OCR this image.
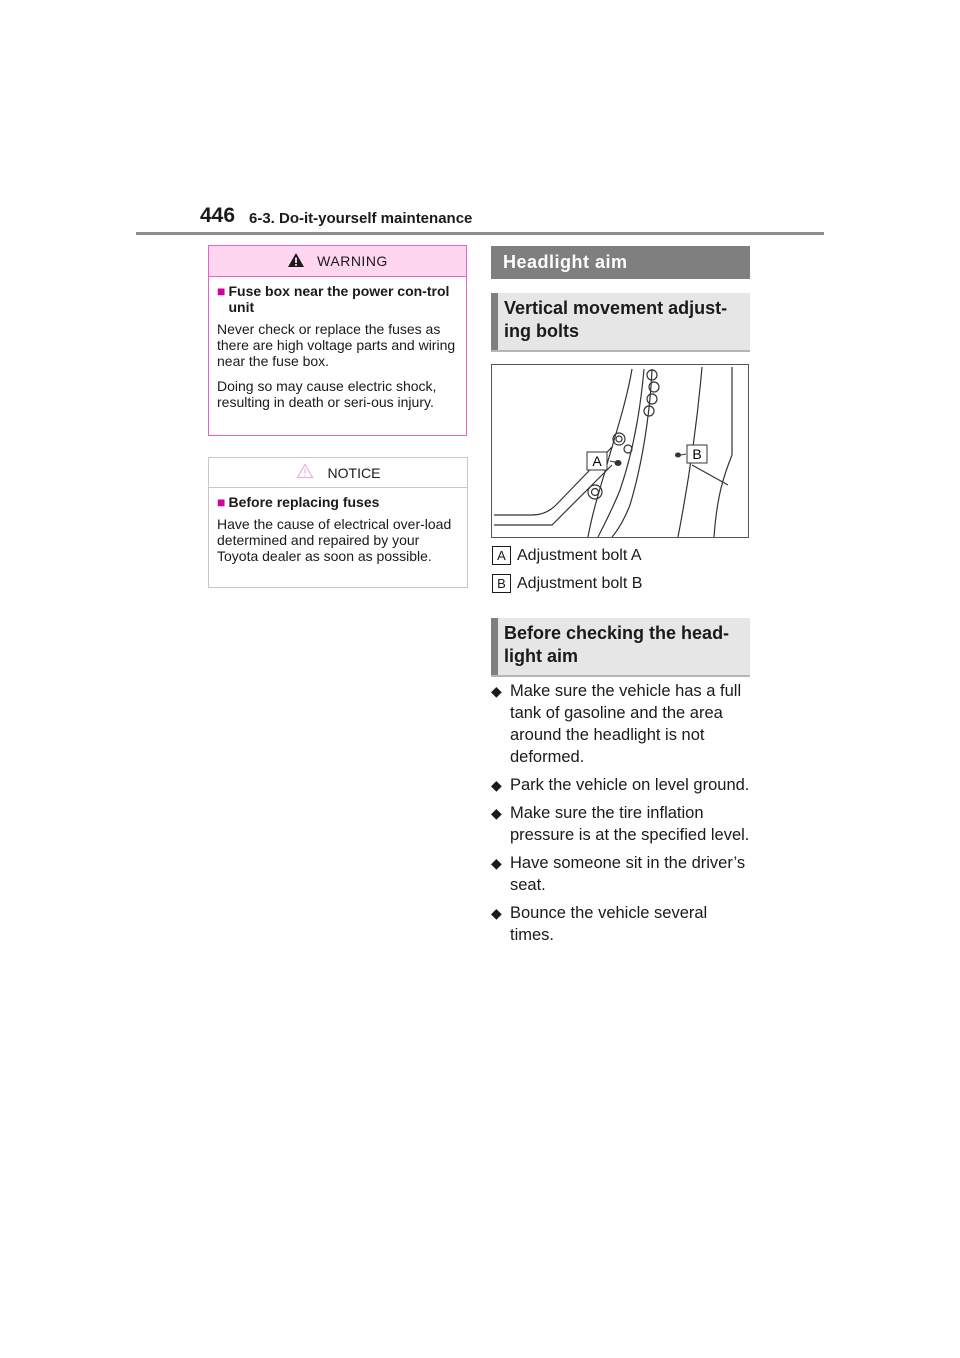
446 6-3. Do-it-yourself maintenance
WARNING

■ Fuse box near the power con-trol unit

Never check or replace the fuses as there are high voltage parts and wiring near the fuse box.

Doing so may cause electric shock, resulting in death or seri-ous injury.

NOTICE

■ Before replacing fuses

Have the cause of electrical over-load determined and repaired by your Toyota dealer as soon as possible.

Headlight aim
Vertical movement adjust-ing bolts
A	B
A Adjustment bolt A
B Adjustment bolt B
Before checking the head-light aim
◆ Make sure the vehicle has a full tank of gasoline and the area around the headlight is not deformed.
◆ Park the vehicle on level ground.
◆ Make sure the tire inflation pressure is at the specified level.
◆ Have someone sit in the driver’s seat.
◆ Bounce the vehicle several times.
